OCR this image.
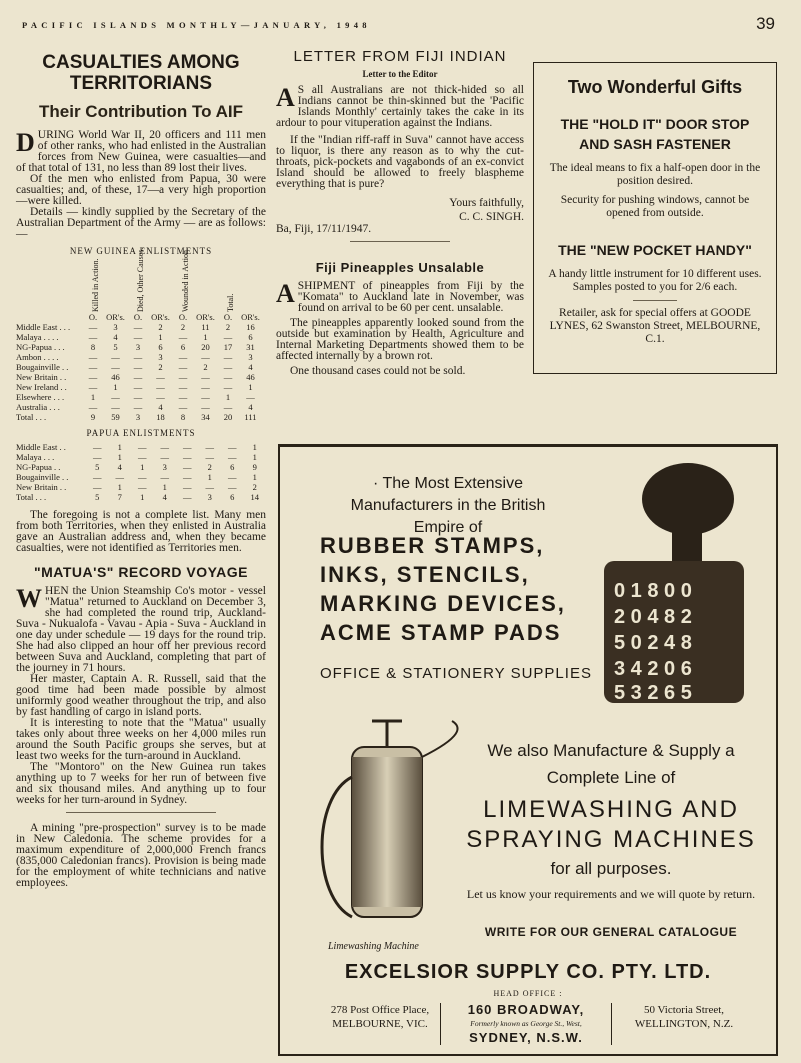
PACIFIC ISLANDS MONTHLY—JANUARY, 1948	39
CASUALTIES AMONG TERRITORIANS
Their Contribution To AIF

DURING World War II, 20 officers and 111 men of other ranks, who had enlisted in the Australian forces from New Guinea, were casualties—and of that total of 131, no less than 89 lost their lives.

Of the men who enlisted from Papua, 30 were casualties; and, of these, 17—a very high proportion—were killed.

Details — kindly supplied by the Secretary of the Australian Department of the Army — are as follows:—

NEW GUINEA ENLISTMENTS

	Killed in Action.		Died, Other Causes.		Wounded in Action.		Total.	

	O.	OR's.	O.	OR's.	O.	OR's.	O.	OR's.
Middle East . . .	—	3	—	2	2	11	2	16
Malaya . . . .	—	4	—	1	—	1	—	6
NG-Papua . . .	8	5	3	6	6	20	17	31
Ambon . . . .	—	—	—	3	—	—	—	3
Bougainville . .	—	—	—	2	—	2	—	4
New Britain . .	—	46	—	—	—	—	—	46
New Ireland . .	—	1	—	—	—	—	—	1
Elsewhere . . .	1	—	—	—	—	—	1	—
Australia . . .	—	—	—	4	—	—	—	4
Total . . .	9	59	3	18	8	34	20	111
PAPUA ENLISTMENTS
Middle East . .	—	1	—	—	—	—	—	1
Malaya . . .	—	1	—	—	—	—	—	1
NG-Papua . .	5	4	1	3	—	2	6	9
Bougainville . .	—	—	—	—	—	1	—	1
New Britain . .	—	1	—	1	—	—	—	2
Total . . .	5	7	1	4	—	3	6	14

The foregoing is not a complete list. Many men from both Territories, when they enlisted in Australia gave an Australian address and, when they became casualties, were not identified as Territories men.

"MATUA'S" RECORD VOYAGE

WHEN the Union Steamship Co's motor - vessel "Matua" returned to Auckland on December 3, she had completed the round trip, Auckland-Suva - Nukualofa - Vavau - Apia - Suva - Auckland in one day under schedule — 19 days for the round trip. She had also clipped an hour off her previous record between Suva and Auckland, completing that part of the journey in 71 hours.

Her master, Captain A. R. Russell, said that the good time had been made possible by almost uniformly good weather throughout the trip, and also by fast handling of cargo in island ports.

It is interesting to note that the "Matua" usually takes only about three weeks on her 4,000 miles run around the South Pacific groups she serves, but at least two weeks for the turn-around in Auckland.

The "Montoro" on the New Guinea run takes anything up to 7 weeks for her run of between five and six thousand miles. And anything up to four weeks for her turn-around in Sydney.

A mining "pre-prospection" survey is to be made in New Caledonia. The scheme provides for a maximum expenditure of 2,000,000 French francs (835,000 Caledonian francs). Provision is being made for the employment of white technicians and native employees.

LETTER FROM FIJI INDIAN
Letter to the Editor

A S all Australians are not thick-hided so all Indians cannot be thin-skinned but the 'Pacific Islands Monthly' certainly takes the cake in its ardour to pour vituperation against the Indians.

If the "Indian riff-raff in Suva" cannot have access to liquor, is there any reason as to why the cut-throats, pick-pockets and vagabonds of an ex-convict Island should be allowed to freely blaspheme everything that is pure?

Yours faithfully,
C. C. SINGH.

Ba, Fiji, 17/11/1947.

Fiji Pineapples Unsalable

ASHIPMENT of pineapples from Fiji by the "Komata" to Auckland late in November, was found on arrival to be 60 per cent. unsalable.

The pineapples apparently looked sound from the outside but examination by Health, Agriculture and Internal Marketing Departments showed them to be affected internally by a brown rot.

One thousand cases could not be sold.

Two Wonderful Gifts
THE "HOLD IT" DOOR STOP AND SASH FASTENER

The ideal means to fix a half-open door in the position desired.

Security for pushing windows, cannot be opened from outside.

THE "NEW POCKET HANDY"

A handy little instrument for 10 different uses. Samples posted to you for 2/6 each.

Retailer, ask for special offers at GOODE LYNES, 62 Swanston Street, MELBOURNE, C.1.

· The Most Extensive Manufacturers in the British Empire of
RUBBER STAMPS,
INKS, STENCILS,
MARKING DEVICES,
ACME STAMP PADS
OFFICE & STATIONERY SUPPLIES
0 1 8 0 0
2 0 4 8 2
5 0 2 4 8
3 4 2 0 6
5 3 2 6 5
We also Manufacture & Supply a Complete Line of
LIMEWASHING AND SPRAYING MACHINES
for all purposes.
Let us know your requirements and we will quote by return.
WRITE FOR OUR GENERAL CATALOGUE
Limewashing Machine
EXCELSIOR SUPPLY CO. PTY. LTD.
HEAD OFFICE :
278 Post Office Place,
MELBOURNE, VIC.
160 BROADWAY,
Formerly known as George St., West,
SYDNEY, N.S.W.
50 Victoria Street,
WELLINGTON, N.Z.
